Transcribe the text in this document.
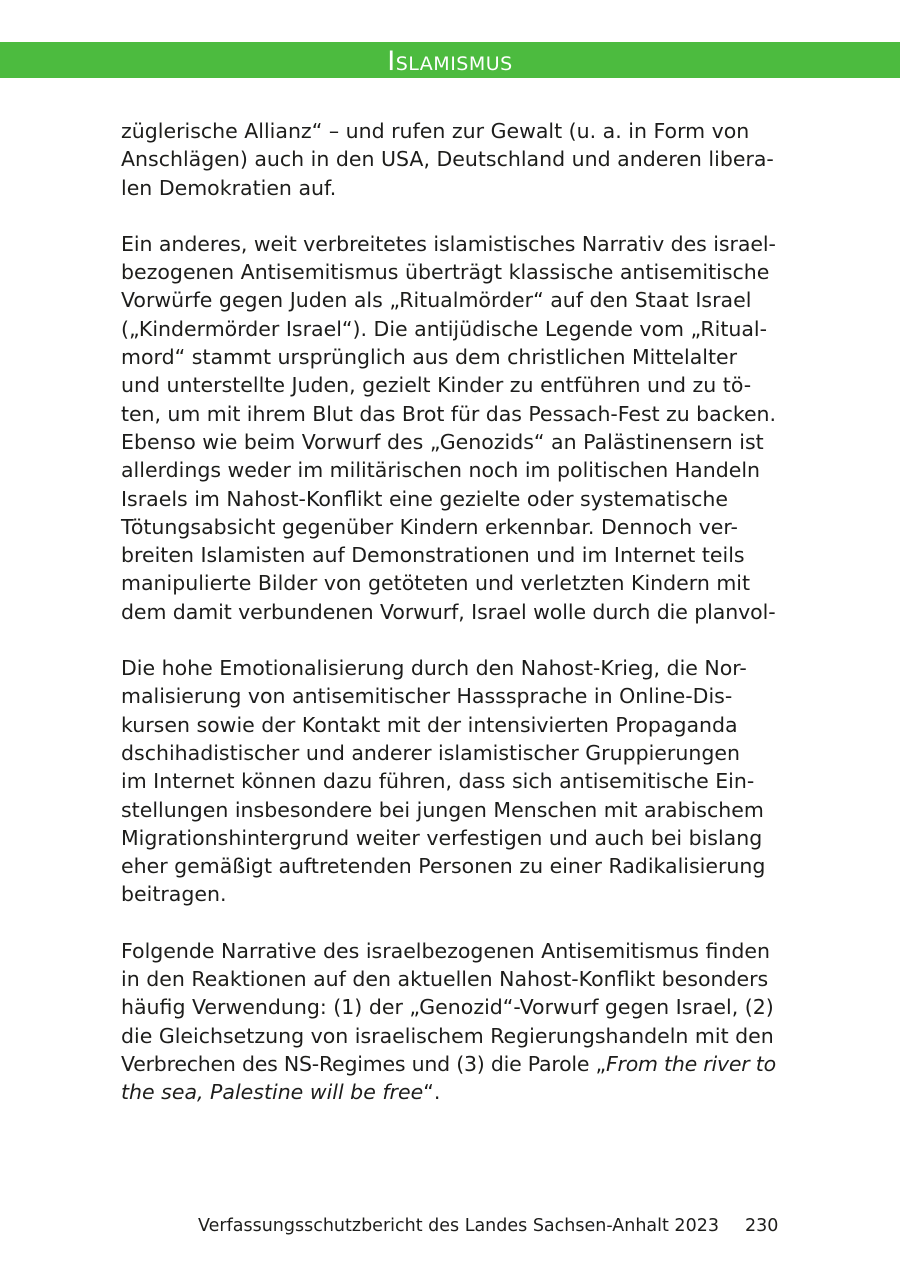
Islamismus

züglerische Allianz“ – und rufen zur Gewalt (u. a. in Form von
Anschlägen) auch in den USA, Deutschland und anderen libera-
len Demokratien auf.

Ein anderes, weit verbreitetes islamistisches Narrativ des israel-
bezogenen Antisemitismus überträgt klassische antisemitische
Vorwürfe gegen Juden als „Ritualmörder“ auf den Staat Israel
(„Kindermörder Israel“). Die antijüdische Legende vom „Ritual-
mord“ stammt ursprünglich aus dem christlichen Mittelalter
und unterstellte Juden, gezielt Kinder zu entführen und zu tö-
ten, um mit ihrem Blut das Brot für das Pessach-Fest zu backen.
Ebenso wie beim Vorwurf des „Genozids“ an Palästinensern ist
allerdings weder im militärischen noch im politischen Handeln
Israels im Nahost-Konflikt eine gezielte oder systematische
Tötungsabsicht gegenüber Kindern erkennbar. Dennoch ver-
breiten Islamisten auf Demonstrationen und im Internet teils
manipulierte Bilder von getöteten und verletzten Kindern mit
dem damit verbundenen Vorwurf, Israel wolle durch die planvol-

Die hohe Emotionalisierung durch den Nahost-Krieg, die Nor-
malisierung von antisemitischer Hasssprache in Online-Dis-
kursen sowie der Kontakt mit der intensivierten Propaganda
dschihadistischer und anderer islamistischer Gruppierungen
im Internet können dazu führen, dass sich antisemitische Ein-
stellungen insbesondere bei jungen Menschen mit arabischem
Migrationshintergrund weiter verfestigen und auch bei bislang
eher gemäßigt auftretenden Personen zu einer Radikalisierung
beitragen.

Folgende Narrative des israelbezogenen Antisemitismus finden
in den Reaktionen auf den aktuellen Nahost-Konflikt besonders
häufig Verwendung: (1) der „Genozid“-Vorwurf gegen Israel, (2)
die Gleichsetzung von israelischem Regierungshandeln mit den
Verbrechen des NS-Regimes und (3) die Parole „From the river to
the sea, Palestine will be free“.

Verfassungsschutzbericht des Landes Sachsen-Anhalt 2023 230
